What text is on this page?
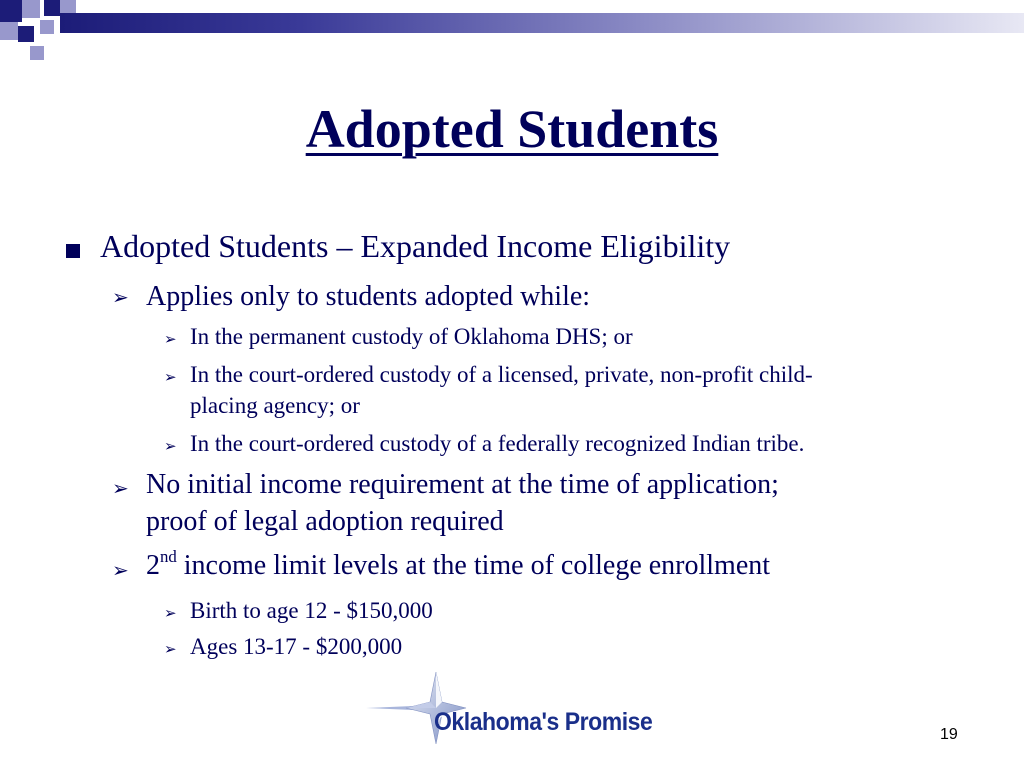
Adopted Students
Adopted Students – Expanded Income Eligibility
➢ Applies only to students adopted while:
➢ In the permanent custody of Oklahoma DHS; or
➢ In the court-ordered custody of a licensed, private, non-profit child-
placing agency; or
➢ In the court-ordered custody of a federally recognized Indian tribe.
➢ No initial income requirement at the time of application;
proof of legal adoption required
➢ 2nd income limit levels at the time of college enrollment
➢ Birth to age 12 - $150,000
➢ Ages 13-17 - $200,000
Oklahoma's Promise	19
